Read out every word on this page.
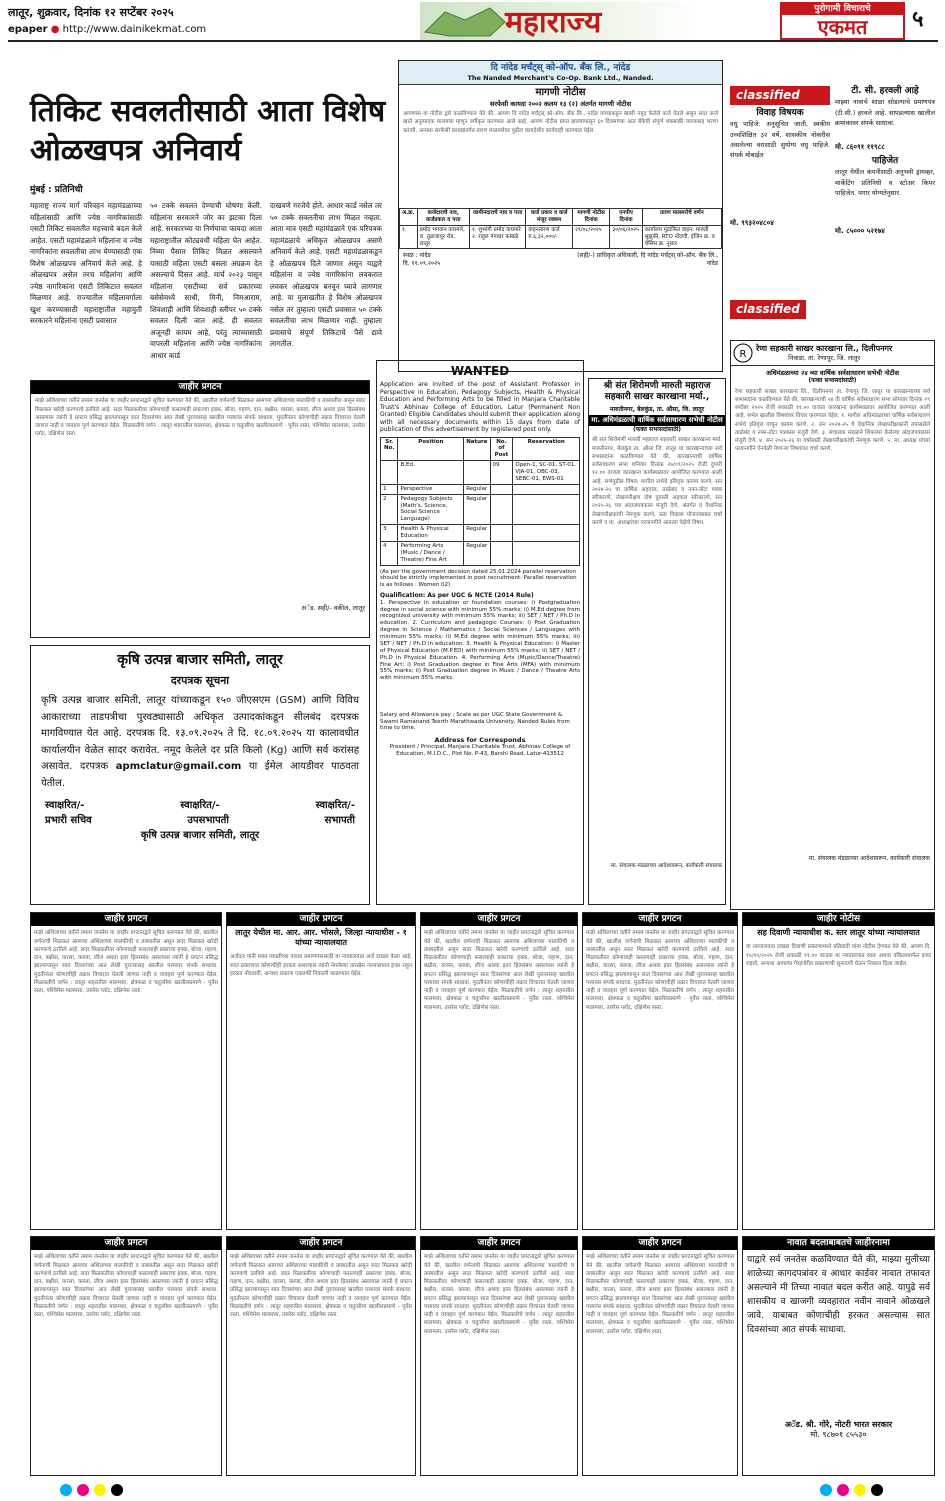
लातूर, शुक्रवार, दिनांक १२ सप्टेंबर २०२५
epaper ● http://www.dainikekmat.com	महाराज्य	पुरोगामी विचाराचे
एकमत	५
तिकिट सवलतीसाठी आता विशेष ओळखपत्र अनिवार्य
मुंबई : प्रतिनिधी
महाराष्ट्र राज्य मार्ग परिवहन महामंडळाच्या महिलांसाठी आणि ज्येष्ठ नागरिकांसाठी एसटी तिकिट सवलतीत महत्त्वाचे बदल केले आहेत. एसटी महामंडळाने महिलांना व ज्येष्ठ नागरिकांना सवलतीचा लाभ घेण्यासाठी एक विशेष ओळखपत्र अनिवार्य केले आहे. हे ओळखपत्र असेल तरच महिलांना आणि ज्येष्ठ नागरिकांना एसटी तिकिटात सवलत मिळणार आहे. राज्यातील महिलावर्गाला खुश करण्यासाठी महाराष्ट्रातील महायुती सरकारने महिलांना एसटी प्रवासात
५० टक्के सवलत देण्याची घोषणा केली. महिलांना सरकारने जोर का झटका दिला आहे. सरकारच्या या निर्णयाचा फायदा आता महाराष्ट्रातील कोट्यवधी महिला घेत आहेत. निम्मा पैसात तिकिट मिळत असल्याने यासाठी महिला एसटी बसला अग्रक्रम देत असल्याचे दिसत आहे. मार्च २०२३ पासून महिलांना एसटीच्या सर्व प्रकारच्या बसेसेमध्ये साधी, मिनी, निमआराम, शिवशाही आणि शिवशाही स्लीपर ५० टक्के सवलत दिली जात आहे. ही सवलत अजूनही कायम आहे, परंतु त्याच्यासाठी वापरली महिलांना आणि ज्येष्ठ नागरिकांना आधार कार्ड
दाखवणे गरजेचे होते. आधार कार्ड नसेल तर ५० टक्के सवलतीचा लाभ मिळत नव्हता. आता मात्र एसटी महामंडळाने एक परिपत्रक महामंडळाचे अधिकृत ओळखपत्र असणे अनिवार्य केले आहे. एसटी महामंडळाकडून हे ओळखपत्र दिले जाणार असून याद्वारे महिलांना व ज्येष्ठ नागरिकांना लवकरात लवकर ओळखपत्र बनवून घ्यावे लागणार आहे. या मुलाखतीत हे विशेष ओळखपत्र नसेल तर तुम्हाला एसटी प्रवासात ५० टक्के सवलतीचा लाभ मिळणार नाही. तुम्हाला प्रवासाचे संपूर्ण तिकिटाचे पैसे द्यावे लागतील.
दि नांदेड मर्चंट्स् को-ऑप. बँक लि., नांदेड
The Nanded Merchant's Co-Op. Bank Ltd., Nanded.
मागणी नोटीस
सरफेसी कायदा २००२ कलम १३ (२) अंतर्गत मागणी नोटीस
आपणास या नोटीस द्वारे कळविण्यात येते की, आपण दि नांदेड मर्चंट्स् को-ऑप. बँक लि., नांदेड यांच्याकडून खाली नमूद केलेले कर्ज घेतले असून सदर कर्ज खाते अनुत्पादक मालमत्ता म्हणून वर्गीकृत करण्यात आले आहे. आपण नोटीस प्राप्त झाल्यापासून ६० दिवसांच्या आत बँकेची संपूर्ण थकबाकी व्याजासह भरणा करावी, अन्यथा सरफेसी कायद्यांतर्गत तारण मालमत्तेवर पुढील कायदेशीर कार्यवाही करण्यात येईल.
अ.क्र.	कर्जदाराचे नाव, कर्जप्रकार व पत्ता	जामीनदाराचे नाव व पत्ता	कर्ज प्रकार व कर्ज मंजूर रक्कम	मागणी नोटीस दिनांक	एनपीए दिनांक	तारण मालमत्तेचे वर्णन
१.	प्रमोद भगवान वाघमारे, रा. तुळजापूर रोड, लातूर	१. शुभांगी प्रमोद वाघमारे २. राहुल गंगाधर कांबळे	वाहनतारण कर्ज रु.६,३२,०००/-	२९/०८/२०२५	३०/०६/२०२५	कार्यालय मुद्रांकित वाहन: मारुती सुझुकी, RTO नोंदणी, इंजिन क्र. व चेसिस क्र. नुसार
स्थळ : नांदेड
दि. ११.०९.२०२५
(सही/-) प्राधिकृत अधिकारी, दि नांदेड मर्चंट्स् को-ऑप. बँक लि., नांदेड
classified
विवाह विषयक
वधु पाहिजे: अनुसूचित जाती, स्वकीय उच्चशिक्षित ३२ वर्षे, शासकीय नोकरीस असलेल्या वरासाठी सुयोग्य वधु पाहिजे. संपर्क मोबाईल
मो. ९९३२०४८०४
टी. सी. हरवली आहे
माझ्या नावाचे शाळा सोडल्याचे प्रमाणपत्र (टी.सी.) हरवले आहे. सापडल्यास खालील क्रमांकावर संपर्क साधावा.
मो. ८६०९१ ११९८८
पाहिजेत
लातूर येथील कंपनीसाठी अनुभवी ड्रायव्हर, मार्केटिंग प्रतिनिधी व स्टोअर किपर पाहिजेत. पगार योग्यतेनुसार.
मो. ८५००० ५२१७४
classified
R
रेणा सहकारी साखर कारखाना लि., दिलीपनगर
निवाडा, ता. रेणापूर, जि. लातूर
अधिमंडळाच्या २४ व्या वार्षिक सर्वसाधारण सभेची नोटीस
(फक्त सभासदांसाठी)
रेणा सहकारी साखर कारखाना लि., दिलीपनगर ता. रेणापूर जि. लातूर या कारखान्याच्या सर्व सभासदांना कळविण्यात येते की, कारखान्याची २४ वी वार्षिक सर्वसाधारण सभा सोमवार दिनांक २९ सप्टेंबर २०२५ रोजी सकाळी ११.०० वाजता कारखाना कार्यस्थळावर आयोजित करण्यात आली आहे. सभेत खालील विषयांवर विचार करण्यात येईल. १. मागील अधिमंडळाच्या वार्षिक सर्वसाधारण सभेचे इतिवृत्त वाचून कायम करणे. २. सन २०२४-२५ चे वैधानिक लेखापरीक्षकांनी तपासलेले ताळेबंद व नफा-तोटा पत्रकास मंजुरी देणे. ३. संचालक मंडळाने शिफारस केलेल्या अंदाजपत्रकास मंजुरी देणे. ४. सन २०२५-२६ या वर्षासाठी लेखापरीक्षकांची नेमणूक करणे. ५. मा. अध्यक्ष यांच्या परवानगीने ऐनवेळी येणाऱ्या विषयांवर चर्चा करणे.
मा. संचालक मंडळाच्या आदेशावरून, कार्यकारी संचालक
जाहीर प्रगटन
माझे अशिलाच्या वतीने तमाम जनतेस या जाहीर प्रगटनाद्वारे सूचित करण्यात येते की, खालील वर्णनाची मिळकत आमच्या अशिलाच्या मालकीची व ताब्यातील असून सदर मिळकत खरेदी करण्याचे ठरविले आहे. सदर मिळकतीवर कोणाचाही कसल्याही प्रकारचा हक्क, बोजा, गहाण, दान, बक्षीस, वारसा, कब्जा, लीज अथवा इतर हितसंबंध असल्यास त्यांनी हे प्रगटन प्रसिद्ध झाल्यापासून सात दिवसांच्या आत लेखी पुराव्यासह खालील पत्त्यावर संपर्क साधावा. मुदतीनंतर कोणाचीही तक्रार विचारात घेतली जाणार नाही व व्यवहार पूर्ण करण्यात येईल. मिळकतीचे वर्णन : लातूर शहरातील मालमत्ता, क्षेत्रफळ व चतुःसीमा खालीलप्रमाणे - पूर्वेस रस्ता, पश्चिमेस मालमत्ता, उत्तरेस प्लॉट, दक्षिणेस रस्ता.
अॅड. सही/- वकील, लातूर
कृषि उत्पन्न बाजार समिती, लातूर
दरपत्रक सूचना
कृषि उत्पन्न बाजार समिती, लातूर यांच्याकडून १५० जीएसएम (GSM) आणि विविध आकाराच्या ताडपत्रीचा पुरवठ्यासाठी अधिकृत उत्पादकांकडून सीलबंद दरपत्रक मागविण्यात येत आहे. दरपत्रक दि. १३.०९.२०२५ ते दि. १८.०९.२०२५ या कालावधीत कार्यालयीन वेळेत सादर करावेत. नमूद केलेले दर प्रति किलो (Kg) आणि सर्व करांसह असावेत. दरपत्रक apmclatur@gmail.com या ईमेल आयडीवर पाठवता येतील.
स्वाक्षरित/-	स्वाक्षरित/-	स्वाक्षरित/-
प्रभारी सचिव	उपसभापती	सभापती
कृषि उत्पन्न बाजार समिती, लातूर
WANTED
Application are invited of the post of Assistant Professor in Perspective in Education, Pedagogy Subjects, Health & Physical Education and Performing Arts to be filled in Manjara Charitable Trust's Abhinav College of Education, Latur (Permanent Non Granted) Eligible Candidates should submit their application along with all necessary documents within 15 days from date of publication of this advertisement by registered post only.
Sr. No.	Position	Nature	No. of Post	Reservation
	B.Ed.		09	Open-1, SC-01, ST-01, VJA-01, OBC-03, SEBC-01, EWS-01
1	Perspective	Regular		
2	Pedagogy Subjects (Math's, Science, Social Science Language)	Regular		
3	Health & Physical Education	Regular		
4	Performing Arts (Music / Dance / Theatre) Fine Art	Regular		
(As per the government decision dated 25.01.2024 parallel reservation should be strictly implemented in post recruitment. Parallel reservation is as follows : Women 02)
Qualification: As per UGC & NCTE (2014 Rule)
1. Perspective in education or foundation courses: i) Postgraduation degree in social science with minimum 55% marks; ii) M.Ed degree from recognized university with minimum 55% marks; iii) SET / NET / Ph.D in education. 2. Curriculum and pedagogic Courses: i) Post Graduation degree in Science / Mathematics / Social Sciences / Languages with minimum 55% marks; ii) M.Ed degree with minimum 55% marks; iii) SET / NET / Ph.D in education. 3. Health & Physical Education: i) Master of Physical Education (M.P.ED) with minimum 55% marks; ii) SET / NET / Ph.D in Physical Education. 4. Performing Arts (Music/Dance/Theatre) Fine Art: i) Post Graduation degree in Fine Arts (MFA) with minimum 55% marks; ii) Post Graduation degree in Music / Dance / Theatre Arts with minimum 55% marks.
Salary and Allowance pay : Scale as per UGC State Government & Swami Ramanand Teerth Marathwada University, Nanded Rules from time to time.
Address for Corresponds
President / Principal, Manjara Charitable Trust, Abhinav College of Education, M.I.D.C., Plot No. P-43, Barshi Road, Latur-413512
श्री संत शिरोमणी मारुती महाराज सहकारी साखर कारखाना मर्या.,
मारुतीनगर, बेलकुंड, ता. औसा, जि. लातूर
मा. अधिमंडळाची वार्षिक सर्वसाधारण सभेची नोटीस
(फक्त सभासदांसाठी)
श्री संत शिरोमणी मारुती महाराज सहकारी साखर कारखाना मर्या. मारुतीनगर, बेलकुंड ता. औसा जि. लातूर या कारखान्याच्या सर्व सभासदांना कळविण्यात येते की, कारखान्याची वार्षिक सर्वसाधारण सभा शनिवार दिनांक २७/०९/२०२५ रोजी दुपारी १२.०० वाजता कारखाना कार्यस्थळावर आयोजित करण्यात आली आहे. सभेपुढील विषय: मागील सभेचे इतिवृत्त कायम करणे, सन २०२४-२५ चा वार्षिक अहवाल, ताळेबंद व नफा-तोटा पत्रक स्वीकारणे, लेखापरीक्षण दोष दुरुस्ती अहवाल स्वीकारणे, सन २०२५-२६ च्या अंदाजपत्रकास मंजुरी देणे, अंतर्गत व वैधानिक लेखापरीक्षकांची नेमणूक करणे, ऊस विकास योजनांबाबत चर्चा करणे व मा. अध्यक्षांच्या परवानगीने आयत्या वेळेचे विषय.
मा. संचालक मंडळाच्या आदेशावरून, कार्यकारी संचालक
जाहीर प्रगटन
माझे अशिलाच्या वतीने तमाम जनतेस या जाहीर प्रगटनाद्वारे सूचित करण्यात येते की, खालील वर्णनाची मिळकत आमच्या अशिलाच्या मालकीची व ताब्यातील असून सदर मिळकत खरेदी करण्याचे ठरविले आहे. सदर मिळकतीवर कोणाचाही कसल्याही प्रकारचा हक्क, बोजा, गहाण, दान, बक्षीस, वारसा, कब्जा, लीज अथवा इतर हितसंबंध असल्यास त्यांनी हे प्रगटन प्रसिद्ध झाल्यापासून सात दिवसांच्या आत लेखी पुराव्यासह खालील पत्त्यावर संपर्क साधावा. मुदतीनंतर कोणाचीही तक्रार विचारात घेतली जाणार नाही व व्यवहार पूर्ण करण्यात येईल. मिळकतीचे वर्णन : लातूर शहरातील मालमत्ता, क्षेत्रफळ व चतुःसीमा खालीलप्रमाणे - पूर्वेस रस्ता, पश्चिमेस मालमत्ता, उत्तरेस प्लॉट, दक्षिणेस रस्ता.
जाहीर प्रगटन
लातूर येथील मा. आर. आर. भोसले, जिल्हा न्यायाधीश - १ यांच्या न्यायालयात
अर्जदार यांनी मयत व्यक्तीच्या वारसा प्रमाणपत्रासाठी या न्यायालयात अर्ज दाखल केला आहे. सदर प्रकरणात कोणाचीही हरकत असल्यास त्यांनी नेमलेल्या तारखेस न्यायालयात हजर राहून हरकत नोंदवावी, अन्यथा प्रकरण एकतर्फी निकाली काढण्यात येईल.
जाहीर प्रगटन
माझे अशिलाच्या वतीने तमाम जनतेस या जाहीर प्रगटनाद्वारे सूचित करण्यात येते की, खालील वर्णनाची मिळकत आमच्या अशिलाच्या मालकीची व ताब्यातील असून सदर मिळकत खरेदी करण्याचे ठरविले आहे. सदर मिळकतीवर कोणाचाही कसल्याही प्रकारचा हक्क, बोजा, गहाण, दान, बक्षीस, वारसा, कब्जा, लीज अथवा इतर हितसंबंध असल्यास त्यांनी हे प्रगटन प्रसिद्ध झाल्यापासून सात दिवसांच्या आत लेखी पुराव्यासह खालील पत्त्यावर संपर्क साधावा. मुदतीनंतर कोणाचीही तक्रार विचारात घेतली जाणार नाही व व्यवहार पूर्ण करण्यात येईल. मिळकतीचे वर्णन : लातूर शहरातील मालमत्ता, क्षेत्रफळ व चतुःसीमा खालीलप्रमाणे - पूर्वेस रस्ता, पश्चिमेस मालमत्ता, उत्तरेस प्लॉट, दक्षिणेस रस्ता.
जाहीर प्रगटन
माझे अशिलाच्या वतीने तमाम जनतेस या जाहीर प्रगटनाद्वारे सूचित करण्यात येते की, खालील वर्णनाची मिळकत आमच्या अशिलाच्या मालकीची व ताब्यातील असून सदर मिळकत खरेदी करण्याचे ठरविले आहे. सदर मिळकतीवर कोणाचाही कसल्याही प्रकारचा हक्क, बोजा, गहाण, दान, बक्षीस, वारसा, कब्जा, लीज अथवा इतर हितसंबंध असल्यास त्यांनी हे प्रगटन प्रसिद्ध झाल्यापासून सात दिवसांच्या आत लेखी पुराव्यासह खालील पत्त्यावर संपर्क साधावा. मुदतीनंतर कोणाचीही तक्रार विचारात घेतली जाणार नाही व व्यवहार पूर्ण करण्यात येईल. मिळकतीचे वर्णन : लातूर शहरातील मालमत्ता, क्षेत्रफळ व चतुःसीमा खालीलप्रमाणे - पूर्वेस रस्ता, पश्चिमेस मालमत्ता, उत्तरेस प्लॉट, दक्षिणेस रस्ता.
जाहीर नोटीस
सह दिवाणी न्यायाधीश क. स्तर लातूर यांच्या न्यायालयात
या न्यायालयात दाखल दिवाणी प्रकरणामध्ये प्रतिवादी यांना नोटीस देण्यात येते की, आपण दि. १५/१०/२०२५ रोजी सकाळी ११.०० वाजता या न्यायालयात स्वतः अथवा वकिलामार्फत हजर राहावे, अन्यथा आपल्या गैरहजेरीत प्रकरणाची सुनावणी घेऊन निकाल दिला जाईल.
जाहीर प्रगटन
माझे अशिलाच्या वतीने तमाम जनतेस या जाहीर प्रगटनाद्वारे सूचित करण्यात येते की, खालील वर्णनाची मिळकत आमच्या अशिलाच्या मालकीची व ताब्यातील असून सदर मिळकत खरेदी करण्याचे ठरविले आहे. सदर मिळकतीवर कोणाचाही कसल्याही प्रकारचा हक्क, बोजा, गहाण, दान, बक्षीस, वारसा, कब्जा, लीज अथवा इतर हितसंबंध असल्यास त्यांनी हे प्रगटन प्रसिद्ध झाल्यापासून सात दिवसांच्या आत लेखी पुराव्यासह खालील पत्त्यावर संपर्क साधावा. मुदतीनंतर कोणाचीही तक्रार विचारात घेतली जाणार नाही व व्यवहार पूर्ण करण्यात येईल. मिळकतीचे वर्णन : लातूर शहरातील मालमत्ता, क्षेत्रफळ व चतुःसीमा खालीलप्रमाणे - पूर्वेस रस्ता, पश्चिमेस मालमत्ता, उत्तरेस प्लॉट, दक्षिणेस रस्ता.
जाहीर प्रगटन
माझे अशिलाच्या वतीने तमाम जनतेस या जाहीर प्रगटनाद्वारे सूचित करण्यात येते की, खालील वर्णनाची मिळकत आमच्या अशिलाच्या मालकीची व ताब्यातील असून सदर मिळकत खरेदी करण्याचे ठरविले आहे. सदर मिळकतीवर कोणाचाही कसल्याही प्रकारचा हक्क, बोजा, गहाण, दान, बक्षीस, वारसा, कब्जा, लीज अथवा इतर हितसंबंध असल्यास त्यांनी हे प्रगटन प्रसिद्ध झाल्यापासून सात दिवसांच्या आत लेखी पुराव्यासह खालील पत्त्यावर संपर्क साधावा. मुदतीनंतर कोणाचीही तक्रार विचारात घेतली जाणार नाही व व्यवहार पूर्ण करण्यात येईल. मिळकतीचे वर्णन : लातूर शहरातील मालमत्ता, क्षेत्रफळ व चतुःसीमा खालीलप्रमाणे - पूर्वेस रस्ता, पश्चिमेस मालमत्ता, उत्तरेस प्लॉट, दक्षिणेस रस्ता.
जाहीर प्रगटन
माझे अशिलाच्या वतीने तमाम जनतेस या जाहीर प्रगटनाद्वारे सूचित करण्यात येते की, खालील वर्णनाची मिळकत आमच्या अशिलाच्या मालकीची व ताब्यातील असून सदर मिळकत खरेदी करण्याचे ठरविले आहे. सदर मिळकतीवर कोणाचाही कसल्याही प्रकारचा हक्क, बोजा, गहाण, दान, बक्षीस, वारसा, कब्जा, लीज अथवा इतर हितसंबंध असल्यास त्यांनी हे प्रगटन प्रसिद्ध झाल्यापासून सात दिवसांच्या आत लेखी पुराव्यासह खालील पत्त्यावर संपर्क साधावा. मुदतीनंतर कोणाचीही तक्रार विचारात घेतली जाणार नाही व व्यवहार पूर्ण करण्यात येईल. मिळकतीचे वर्णन : लातूर शहरातील मालमत्ता, क्षेत्रफळ व चतुःसीमा खालीलप्रमाणे - पूर्वेस रस्ता, पश्चिमेस मालमत्ता, उत्तरेस प्लॉट, दक्षिणेस रस्ता.
जाहीर प्रगटन
माझे अशिलाच्या वतीने तमाम जनतेस या जाहीर प्रगटनाद्वारे सूचित करण्यात येते की, खालील वर्णनाची मिळकत आमच्या अशिलाच्या मालकीची व ताब्यातील असून सदर मिळकत खरेदी करण्याचे ठरविले आहे. सदर मिळकतीवर कोणाचाही कसल्याही प्रकारचा हक्क, बोजा, गहाण, दान, बक्षीस, वारसा, कब्जा, लीज अथवा इतर हितसंबंध असल्यास त्यांनी हे प्रगटन प्रसिद्ध झाल्यापासून सात दिवसांच्या आत लेखी पुराव्यासह खालील पत्त्यावर संपर्क साधावा. मुदतीनंतर कोणाचीही तक्रार विचारात घेतली जाणार नाही व व्यवहार पूर्ण करण्यात येईल. मिळकतीचे वर्णन : लातूर शहरातील मालमत्ता, क्षेत्रफळ व चतुःसीमा खालीलप्रमाणे - पूर्वेस रस्ता, पश्चिमेस मालमत्ता, उत्तरेस प्लॉट, दक्षिणेस रस्ता.
नावात बदलाबाबतचे जाहीरनामा
याद्वारे सर्व जनतेस कळविण्यात येते की, माझ्या मुलीच्या शाळेच्या कागदपत्रांवर व आधार कार्डवर नावात तफावत असल्याने मी तिच्या नावात बदल करीत आहे. यापुढे सर्व शासकीय व खाजगी व्यवहारात नवीन नावाने ओळखले जावे. याबाबत कोणाचीही हरकत असल्यास सात दिवसांच्या आत संपर्क साधावा.
अॅड. श्री. गोरे, नोटरी भारत सरकार
मो. ९८७०१ ८५५३०
